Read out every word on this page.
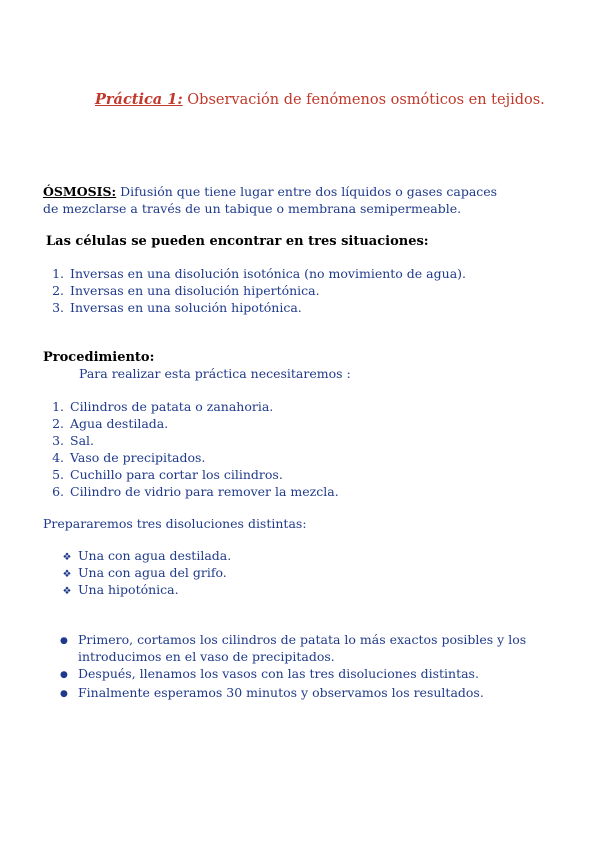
Práctica 1: Observación de fenómenos osmóticos en tejidos.
ÓSMOSIS: Difusión que tiene lugar entre dos líquidos o gases capaces de mezclarse a través de un tabique o membrana semipermeable.
Las células se pueden encontrar en tres situaciones:
1. Inversas en una disolución isotónica (no movimiento de agua).
2. Inversas en una disolución hipertónica.
3. Inversas en una solución hipotónica.
Procedimiento:
Para realizar esta práctica necesitaremos :
1. Cilindros de patata o zanahoria.
2. Agua destilada.
3. Sal.
4. Vaso de precipitados.
5. Cuchillo para cortar los cilindros.
6. Cilindro de vidrio para remover la mezcla.
Prepararemos tres disoluciones distintas:
❖ Una con agua destilada.
❖ Una con agua del grifo.
❖ Una hipotónica.
● Primero, cortamos los cilindros de patata lo más exactos posibles y los introducimos en el vaso de precipitados.
● Después, llenamos los vasos con las tres disoluciones distintas.
● Finalmente esperamos 30 minutos y observamos los resultados.
